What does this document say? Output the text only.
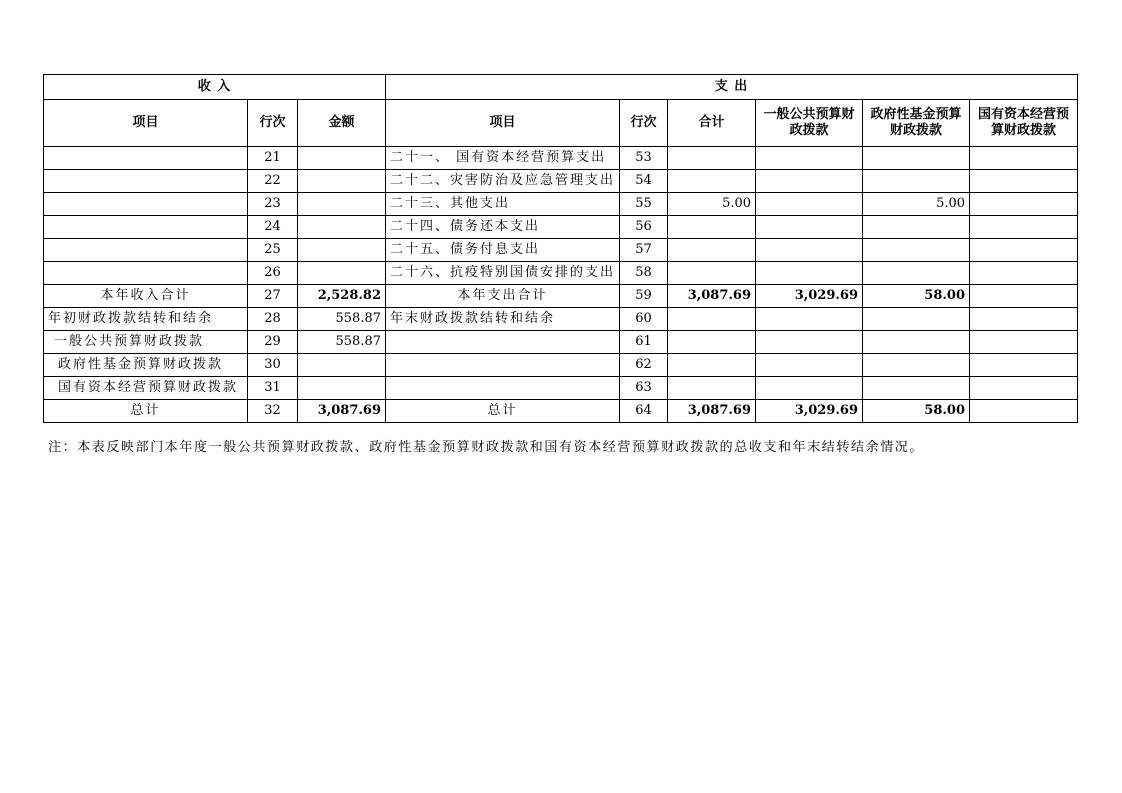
收 入			支 出					
项目	行次	金额	项目	行次	合计	一般公共预算财政拨款	政府性基金预算财政拨款	国有资本经营预算财政拨款
	21		二十一、 国有资本经营预算支出	53				
	22		二十二、灾害防治及应急管理支出	54				
	23		二十三、其他支出	55	5.00		5.00	
	24		二十四、债务还本支出	56				
	25		二十五、债务付息支出	57				
	26		二十六、抗疫特别国债安排的支出	58				
本年收入合计	27	2,528.82	本年支出合计	59	3,087.69	3,029.69	58.00	
年初财政拨款结转和结余	28	558.87	年末财政拨款结转和结余	60				
一般公共预算财政拨款	29	558.87		61				
政府性基金预算财政拨款	30			62				
国有资本经营预算财政拨款	31			63				
总计	32	3,087.69	总计	64	3,087.69	3,029.69	58.00	
注：本表反映部门本年度一般公共预算财政拨款、政府性基金预算财政拨款和国有资本经营预算财政拨款的总收支和年末结转结余情况。
